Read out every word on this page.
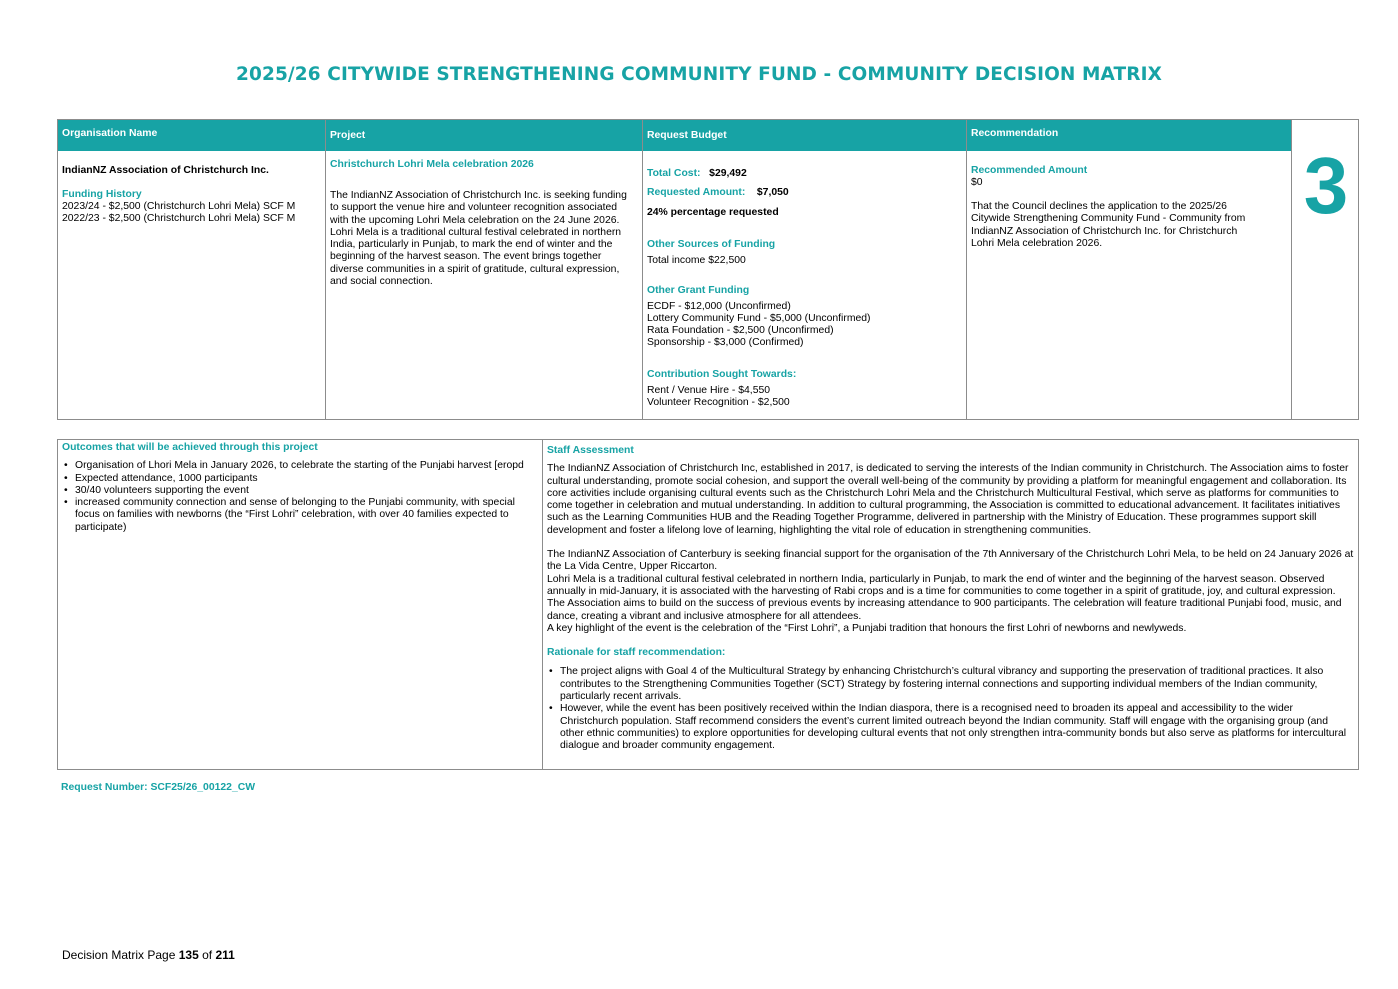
2025/26 CITYWIDE STRENGTHENING COMMUNITY FUND - COMMUNITY DECISION MATRIX
Organisation Name
IndianNZ Association of Christchurch Inc.
Funding History
2023/24 - $2,500 (Christchurch Lohri Mela) SCF M
2022/23 - $2,500 (Christchurch Lohri Mela) SCF M
Project
Christchurch Lohri Mela celebration 2026
The IndianNZ Association of Christchurch Inc. is seeking funding to support the venue hire and volunteer recognition associated with the upcoming Lohri Mela celebration on the 24 June 2026. Lohri Mela is a traditional cultural festival celebrated in northern India, particularly in Punjab, to mark the end of winter and the beginning of the harvest season. The event brings together diverse communities in a spirit of gratitude, cultural expression, and social connection.
Request Budget
Total Cost: $29,492
Requested Amount: $7,050
24% percentage requested
Other Sources of Funding
Total income $22,500
Other Grant Funding
ECDF - $12,000 (Unconfirmed)
Lottery Community Fund - $5,000 (Unconfirmed)
Rata Foundation - $2,500 (Unconfirmed)
Sponsorship - $3,000 (Confirmed)
Contribution Sought Towards:
Rent / Venue Hire - $4,550
Volunteer Recognition - $2,500
Recommendation
Recommended Amount
$0
That the Council declines the application to the 2025/26 Citywide Strengthening Community Fund - Community from IndianNZ Association of Christchurch Inc. for Christchurch Lohri Mela celebration 2026.
3
Outcomes that will be achieved through this project
• Organisation of Lhori Mela in January 2026, to celebrate the starting of the Punjabi harvest [eropd
• Expected attendance, 1000 participants
• 30/40 volunteers supporting the event
• increased community connection and sense of belonging to the Punjabi community, with special focus on families with newborns (the “First Lohri” celebration, with over 40 families expected to participate)
Staff Assessment

The IndianNZ Association of Christchurch Inc, established in 2017, is dedicated to serving the interests of the Indian community in Christchurch. The Association aims to foster cultural understanding, promote social cohesion, and support the overall well-being of the community by providing a platform for meaningful engagement and collaboration. Its core activities include organising cultural events such as the Christchurch Lohri Mela and the Christchurch Multicultural Festival, which serve as platforms for communities to come together in celebration and mutual understanding. In addition to cultural programming, the Association is committed to educational advancement. It facilitates initiatives such as the Learning Communities HUB and the Reading Together Programme, delivered in partnership with the Ministry of Education. These programmes support skill development and foster a lifelong love of learning, highlighting the vital role of education in strengthening communities.

The IndianNZ Association of Canterbury is seeking financial support for the organisation of the 7th Anniversary of the Christchurch Lohri Mela, to be held on 24 January 2026 at the La Vida Centre, Upper Riccarton.

Lohri Mela is a traditional cultural festival celebrated in northern India, particularly in Punjab, to mark the end of winter and the beginning of the harvest season. Observed annually in mid-January, it is associated with the harvesting of Rabi crops and is a time for communities to come together in a spirit of gratitude, joy, and cultural expression. The Association aims to build on the success of previous events by increasing attendance to 900 participants. The celebration will feature traditional Punjabi food, music, and dance, creating a vibrant and inclusive atmosphere for all attendees.

A key highlight of the event is the celebration of the “First Lohri”, a Punjabi tradition that honours the first Lohri of newborns and newlyweds.

Rationale for staff recommendation:
• The project aligns with Goal 4 of the Multicultural Strategy by enhancing Christchurch’s cultural vibrancy and supporting the preservation of traditional practices. It also contributes to the Strengthening Communities Together (SCT) Strategy by fostering internal connections and supporting individual members of the Indian community, particularly recent arrivals.
• However, while the event has been positively received within the Indian diaspora, there is a recognised need to broaden its appeal and accessibility to the wider Christchurch population. Staff recommend considers the event’s current limited outreach beyond the Indian community. Staff will engage with the organising group (and other ethnic communities) to explore opportunities for developing cultural events that not only strengthen intra-community bonds but also serve as platforms for intercultural dialogue and broader community engagement.
Request Number: SCF25/26_00122_CW
Decision Matrix Page 135 of 211
